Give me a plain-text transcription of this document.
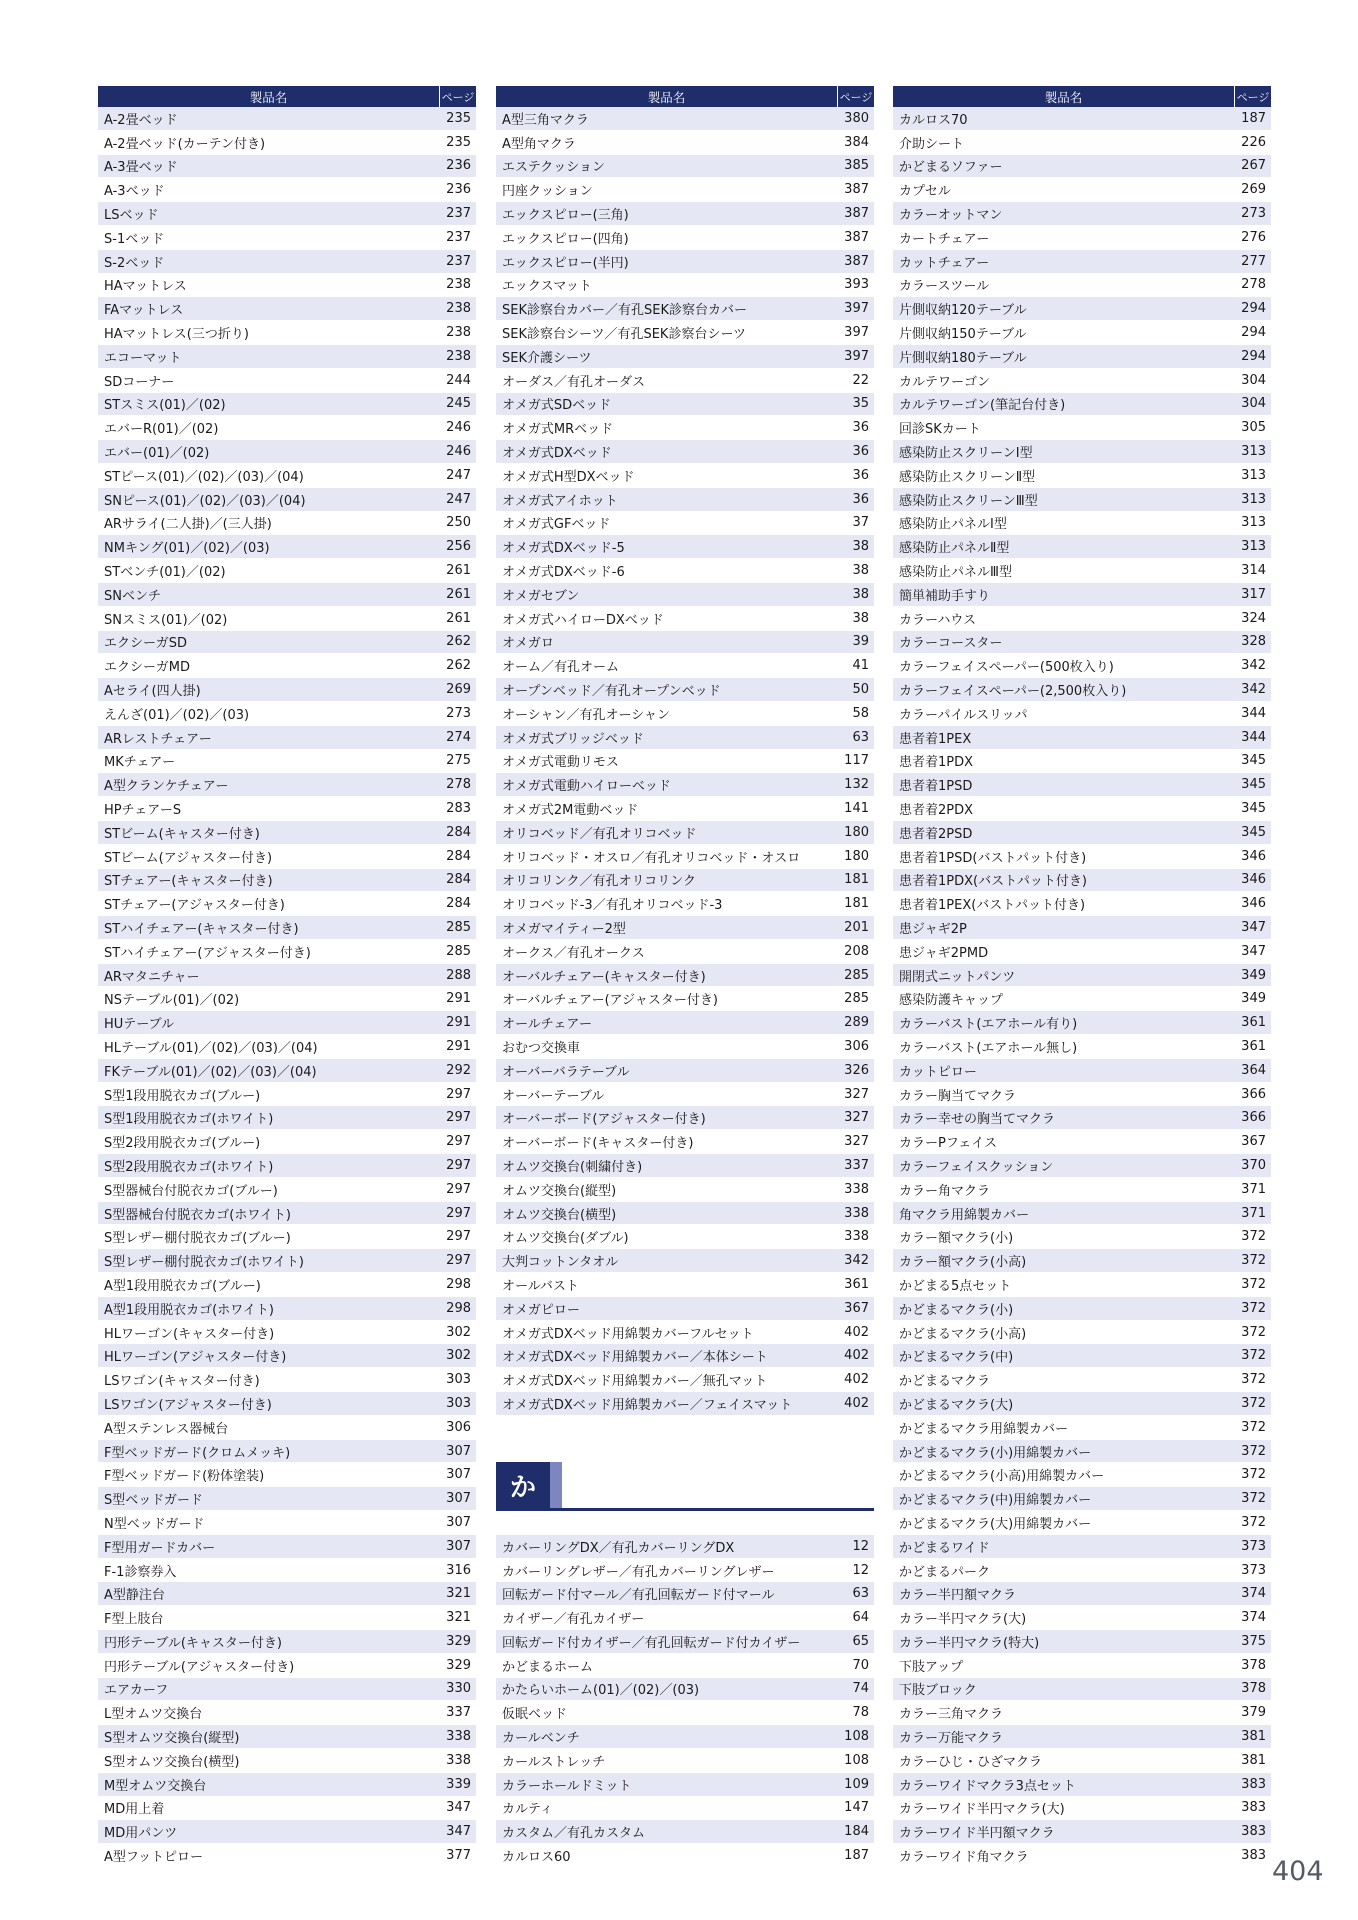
製品名	ページ
A-2畳ベッド	235
A-2畳ベッド(カーテン付き)	235
A-3畳ベッド	236
A-3ベッド	236
LSベッド	237
S-1ベッド	237
S-2ベッド	237
HAマットレス	238
FAマットレス	238
HAマットレス(三つ折り)	238
エコーマット	238
SDコーナー	244
STスミス(01)／(02)	245
エバーR(01)／(02)	246
エバー(01)／(02)	246
STピース(01)／(02)／(03)／(04)	247
SNピース(01)／(02)／(03)／(04)	247
ARサライ(二人掛)／(三人掛)	250
NMキング(01)／(02)／(03)	256
STベンチ(01)／(02)	261
SNベンチ	261
SNスミス(01)／(02)	261
エクシーガSD	262
エクシーガMD	262
Aセライ(四人掛)	269
えんざ(01)／(02)／(03)	273
ARレストチェアー	274
MKチェアー	275
A型クランケチェアー	278
HPチェアーS	283
STビーム(キャスター付き)	284
STビーム(アジャスター付き)	284
STチェアー(キャスター付き)	284
STチェアー(アジャスター付き)	284
STハイチェアー(キャスター付き)	285
STハイチェアー(アジャスター付き)	285
ARマタニチャー	288
NSテーブル(01)／(02)	291
HUテーブル	291
HLテーブル(01)／(02)／(03)／(04)	291
FKテーブル(01)／(02)／(03)／(04)	292
S型1段用脱衣カゴ(ブルー)	297
S型1段用脱衣カゴ(ホワイト)	297
S型2段用脱衣カゴ(ブルー)	297
S型2段用脱衣カゴ(ホワイト)	297
S型器械台付脱衣カゴ(ブルー)	297
S型器械台付脱衣カゴ(ホワイト)	297
S型レザー棚付脱衣カゴ(ブルー)	297
S型レザー棚付脱衣カゴ(ホワイト)	297
A型1段用脱衣カゴ(ブルー)	298
A型1段用脱衣カゴ(ホワイト)	298
HLワーゴン(キャスター付き)	302
HLワーゴン(アジャスター付き)	302
LSワゴン(キャスター付き)	303
LSワゴン(アジャスター付き)	303
A型ステンレス器械台	306
F型ベッドガード(クロムメッキ)	307
F型ベッドガード(粉体塗装)	307
S型ベッドガード	307
N型ベッドガード	307
F型用ガードカバー	307
F-1診察券入	316
A型静注台	321
F型上肢台	321
円形テーブル(キャスター付き)	329
円形テーブル(アジャスター付き)	329
エアカーフ	330
L型オムツ交換台	337
S型オムツ交換台(縦型)	338
S型オムツ交換台(横型)	338
M型オムツ交換台	339
MD用上着	347
MD用パンツ	347
A型フットピロー	377
製品名	ページ
A型三角マクラ	380
A型角マクラ	384
エステクッション	385
円座クッション	387
エックスピロー(三角)	387
エックスピロー(四角)	387
エックスピロー(半円)	387
エックスマット	393
SEK診察台カバー／有孔SEK診察台カバー	397
SEK診察台シーツ／有孔SEK診察台シーツ	397
SEK介護シーツ	397
オーダス／有孔オーダス	22
オメガ式SDベッド	35
オメガ式MRベッド	36
オメガ式DXベッド	36
オメガ式H型DXベッド	36
オメガ式アイホット	36
オメガ式GFベッド	37
オメガ式DXベッド-5	38
オメガ式DXベッド-6	38
オメガセブン	38
オメガ式ハイローDXベッド	38
オメガロ	39
オーム／有孔オーム	41
オープンベッド／有孔オープンベッド	50
オーシャン／有孔オーシャン	58
オメガ式ブリッジベッド	63
オメガ式電動リモス	117
オメガ式電動ハイローベッド	132
オメガ式2M電動ベッド	141
オリコベッド／有孔オリコベッド	180
オリコベッド・オスロ／有孔オリコベッド・オスロ	180
オリコリンク／有孔オリコリンク	181
オリコベッド-3／有孔オリコベッド-3	181
オメガマイティー2型	201
オークス／有孔オークス	208
オーバルチェアー(キャスター付き)	285
オーバルチェアー(アジャスター付き)	285
オールチェアー	289
おむつ交換車	306
オーバーバラテーブル	326
オーバーテーブル	327
オーバーボード(アジャスター付き)	327
オーバーボード(キャスター付き)	327
オムツ交換台(刺繍付き)	337
オムツ交換台(縦型)	338
オムツ交換台(横型)	338
オムツ交換台(ダブル)	338
大判コットンタオル	342
オールバスト	361
オメガピロー	367
オメガ式DXベッド用綿製カバーフルセット	402
オメガ式DXベッド用綿製カバー／本体シート	402
オメガ式DXベッド用綿製カバー／無孔マット	402
オメガ式DXベッド用綿製カバー／フェイスマット	402
か
カバーリングDX／有孔カバーリングDX	12
カバーリングレザー／有孔カバーリングレザー	12
回転ガード付マール／有孔回転ガード付マール	63
カイザー／有孔カイザー	64
回転ガード付カイザー／有孔回転ガード付カイザー	65
かどまるホーム	70
かたらいホーム(01)／(02)／(03)	74
仮眠ベッド	78
カールベンチ	108
カールストレッチ	108
カラーホールドミット	109
カルティ	147
カスタム／有孔カスタム	184
カルロス60	187
製品名	ページ
カルロス70	187
介助シート	226
かどまるソファー	267
カプセル	269
カラーオットマン	273
カートチェアー	276
カットチェアー	277
カラースツール	278
片側収納120テーブル	294
片側収納150テーブル	294
片側収納180テーブル	294
カルテワーゴン	304
カルテワーゴン(筆記台付き)	304
回診SKカート	305
感染防止スクリーンⅠ型	313
感染防止スクリーンⅡ型	313
感染防止スクリーンⅢ型	313
感染防止パネルⅠ型	313
感染防止パネルⅡ型	313
感染防止パネルⅢ型	314
簡単補助手すり	317
カラーハウス	324
カラーコースター	328
カラーフェイスペーパー(500枚入り)	342
カラーフェイスペーパー(2,500枚入り)	342
カラーパイルスリッパ	344
患者着1PEX	344
患者着1PDX	345
患者着1PSD	345
患者着2PDX	345
患者着2PSD	345
患者着1PSD(バストパット付き)	346
患者着1PDX(バストパット付き)	346
患者着1PEX(バストパット付き)	346
患ジャギ2P	347
患ジャギ2PMD	347
開閉式ニットパンツ	349
感染防護キャップ	349
カラーバスト(エアホール有り)	361
カラーバスト(エアホール無し)	361
カットピロー	364
カラー胸当てマクラ	366
カラー幸せの胸当てマクラ	366
カラーPフェイス	367
カラーフェイスクッション	370
カラー角マクラ	371
角マクラ用綿製カバー	371
カラー額マクラ(小)	372
カラー額マクラ(小高)	372
かどまる5点セット	372
かどまるマクラ(小)	372
かどまるマクラ(小高)	372
かどまるマクラ(中)	372
かどまるマクラ	372
かどまるマクラ(大)	372
かどまるマクラ用綿製カバー	372
かどまるマクラ(小)用綿製カバー	372
かどまるマクラ(小高)用綿製カバー	372
かどまるマクラ(中)用綿製カバー	372
かどまるマクラ(大)用綿製カバー	372
かどまるワイド	373
かどまるパーク	373
カラー半円額マクラ	374
カラー半円マクラ(大)	374
カラー半円マクラ(特大)	375
下肢アップ	378
下肢ブロック	378
カラー三角マクラ	379
カラー万能マクラ	381
カラーひじ・ひざマクラ	381
カラーワイドマクラ3点セット	383
カラーワイド半円マクラ(大)	383
カラーワイド半円額マクラ	383
カラーワイド角マクラ	383
404
